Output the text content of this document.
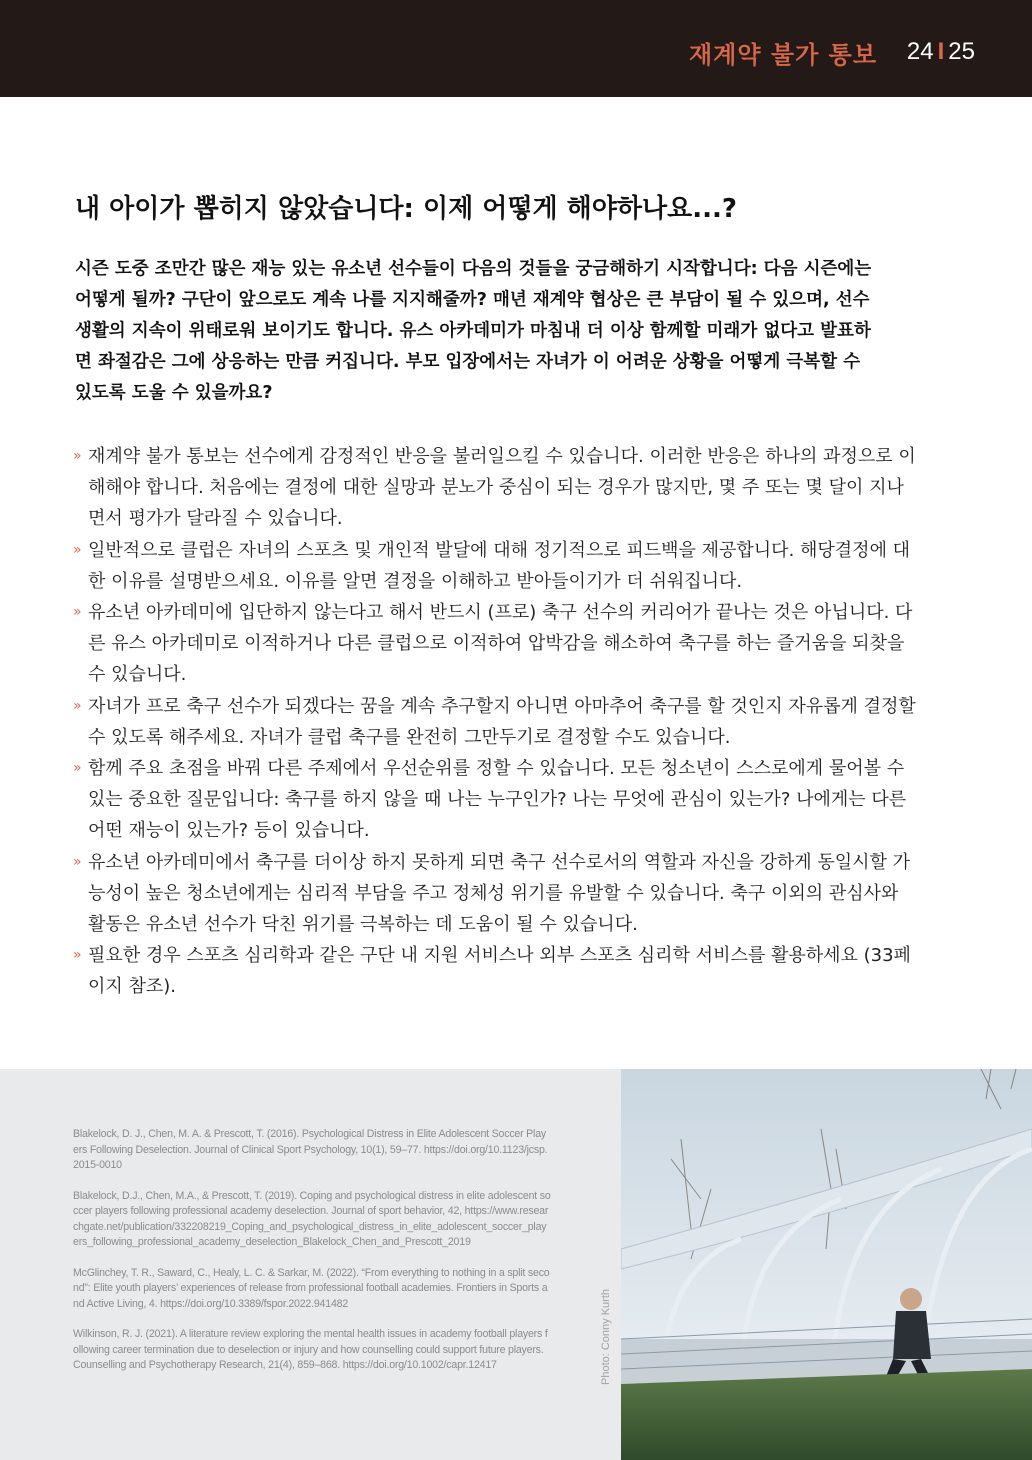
재계약 불가 통보 24 I 25
내 아이가 뽑히지 않았습니다: 이제 어떻게 해야하나요...?

시즌 도중 조만간 많은 재능 있는 유소년 선수들이 다음의 것들을 궁금해하기 시작합니다: 다음 시즌에는 어떻게 될까? 구단이 앞으로도 계속 나를 지지해줄까? 매년 재계약 협상은 큰 부담이 될 수 있으며, 선수 생활의 지속이 위태로워 보이기도 합니다. 유스 아카데미가 마침내 더 이상 함께할 미래가 없다고 발표하면 좌절감은 그에 상응하는 만큼 커집니다. 부모 입장에서는 자녀가 이 어려운 상황을 어떻게 극복할 수 있도록 도울 수 있을까요?

» 재계약 불가 통보는 선수에게 감정적인 반응을 불러일으킬 수 있습니다. 이러한 반응은 하나의 과정으로 이해해야 합니다. 처음에는 결정에 대한 실망과 분노가 중심이 되는 경우가 많지만, 몇 주 또는 몇 달이 지나면서 평가가 달라질 수 있습니다.
» 일반적으로 클럽은 자녀의 스포츠 및 개인적 발달에 대해 정기적으로 피드백을 제공합니다. 해당결정에 대한 이유를 설명받으세요. 이유를 알면 결정을 이해하고 받아들이기가 더 쉬워집니다.
» 유소년 아카데미에 입단하지 않는다고 해서 반드시 (프로) 축구 선수의 커리어가 끝나는 것은 아닙니다. 다른 유스 아카데미로 이적하거나 다른 클럽으로 이적하여 압박감을 해소하여 축구를 하는 즐거움을 되찾을 수 있습니다.
» 자녀가 프로 축구 선수가 되겠다는 꿈을 계속 추구할지 아니면 아마추어 축구를 할 것인지 자유롭게 결정할 수 있도록 해주세요. 자녀가 클럽 축구를 완전히 그만두기로 결정할 수도 있습니다.
» 함께 주요 초점을 바꿔 다른 주제에서 우선순위를 정할 수 있습니다. 모든 청소년이 스스로에게 물어볼 수 있는 중요한 질문입니다: 축구를 하지 않을 때 나는 누구인가? 나는 무엇에 관심이 있는가? 나에게는 다른 어떤 재능이 있는가? 등이 있습니다.
» 유소년 아카데미에서 축구를 더이상 하지 못하게 되면 축구 선수로서의 역할과 자신을 강하게 동일시할 가능성이 높은 청소년에게는 심리적 부담을 주고 정체성 위기를 유발할 수 있습니다. 축구 이외의 관심사와 활동은 유소년 선수가 닥친 위기를 극복하는 데 도움이 될 수 있습니다.
» 필요한 경우 스포츠 심리학과 같은 구단 내 지원 서비스나 외부 스포츠 심리학 서비스를 활용하세요 (33페이지 참조).

Blakelock, D. J., Chen, M. A. & Prescott, T. (2016). Psychological Distress in Elite Adolescent Soccer Players Following Deselection. Journal of Clinical Sport Psychology, 10(1), 59–77. https://doi.org/10.1123/jcsp.2015-0010

Blakelock, D.J., Chen, M.A., & Prescott, T. (2019). Coping and psychological distress in elite adolescent soccer players following professional academy deselection. Journal of sport behavior, 42, https://www.researchgate.net/publication/332208219_Coping_and_psychological_distress_in_elite_adolescent_soccer_players_following_professional_academy_deselection_Blakelock_Chen_and_Prescott_2019

McGlinchey, T. R., Saward, C., Healy, L. C. & Sarkar, M. (2022). “From everything to nothing in a split second”: Elite youth players’ experiences of release from professional football academies. Frontiers in Sports and Active Living, 4. https://doi.org/10.3389/fspor.2022.941482

Wilkinson, R. J. (2021). A literature review exploring the mental health issues in academy football players following career termination due to deselection or injury and how counselling could support future players. Counselling and Psychotherapy Research, 21(4), 859–868. https://doi.org/10.1002/capr.12417	Photo: Conny Kurth
